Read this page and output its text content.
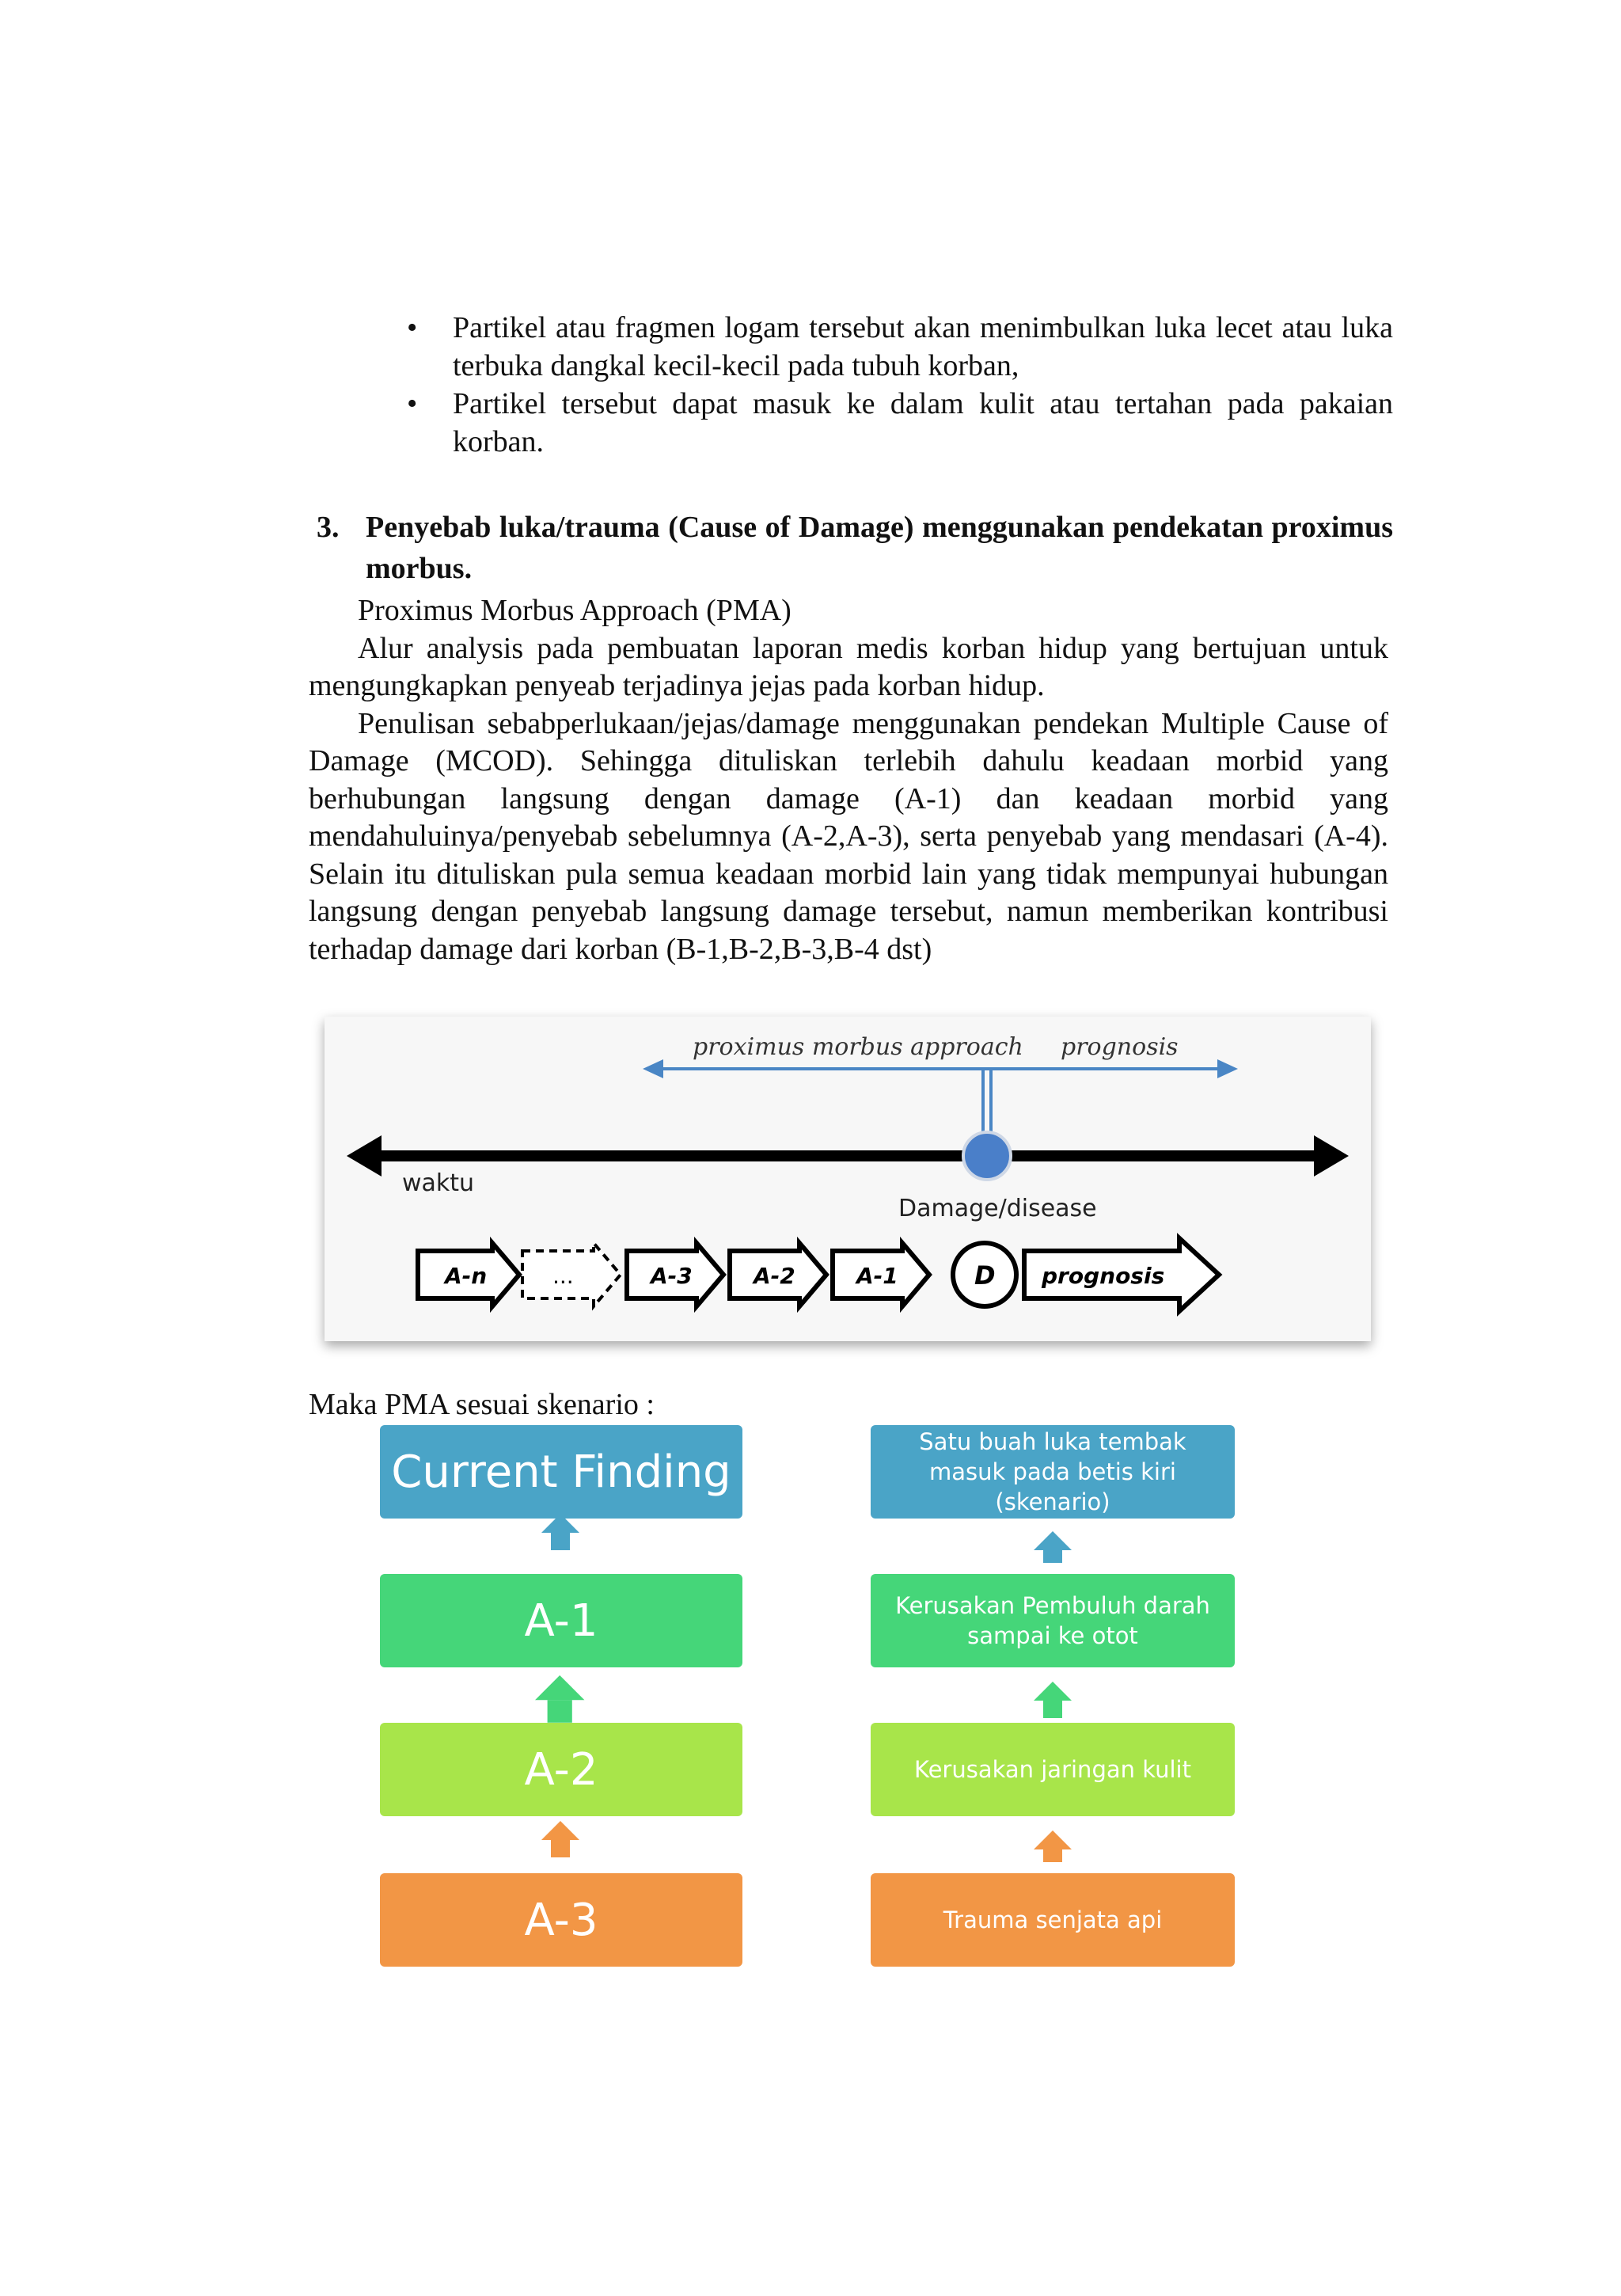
• Partikel atau fragmen logam tersebut akan menimbulkan luka lecet atau luka terbuka dangkal kecil-kecil pada tubuh korban,
• Partikel tersebut dapat masuk ke dalam kulit atau tertahan pada pakaian korban.
3. Penyebab luka/trauma (Cause of Damage) menggunakan pendekatan proximus morbus.

Proximus Morbus Approach (PMA)

Alur analysis pada pembuatan laporan medis korban hidup yang bertujuan untuk mengungkapkan penyeab terjadinya jejas pada korban hidup.

Penulisan sebabperlukaan/jejas/damage menggunakan pendekan Multiple Cause of Damage (MCOD). Sehingga dituliskan terlebih dahulu keadaan morbid yang berhubungan langsung dengan damage (A-1) dan keadaan morbid yang mendahuluinya/penyebab sebelumnya (A-2,A-3), serta penyebab yang mendasari (A-4). Selain itu dituliskan pula semua keadaan morbid lain yang tidak mempunyai hubungan langsung dengan penyebab langsung damage tersebut, namun memberikan kontribusi terhadap damage dari korban (B-1,B-2,B-3,B-4 dst)

proximus morbus approach prognosis
waktu
Damage/disease
A-n	...	A-3	A-2	A-1	D prognosis
Maka PMA sesuai skenario :
Current Finding
A-1
A-2
A-3
Satu buah luka tembak masuk pada betis kiri (skenario)
Kerusakan Pembuluh darah sampai ke otot
Kerusakan jaringan kulit
Trauma senjata api
